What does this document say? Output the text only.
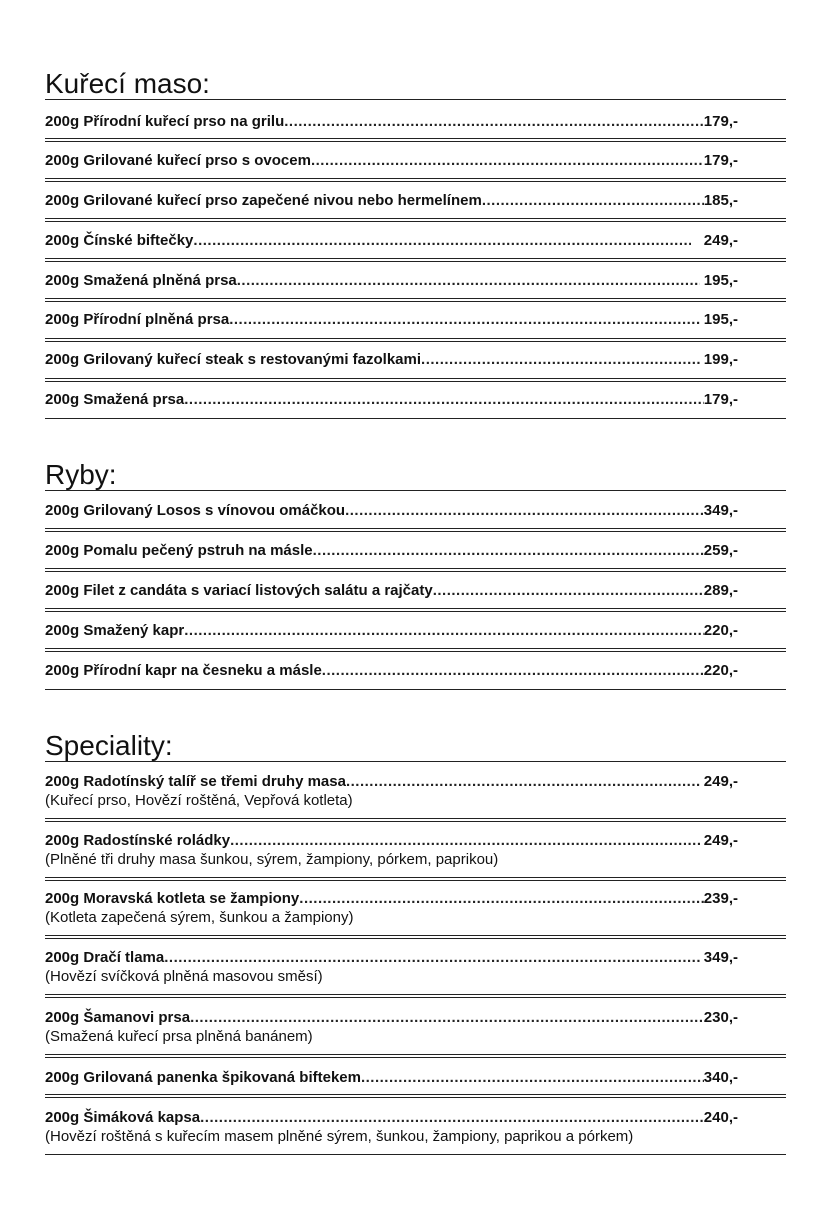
Kuřecí maso:
200g Přírodní kuřecí prso na grilu .....	179,-
200g Grilované kuřecí prso s ovocem .....	179,-
200g Grilované kuřecí prso zapečené nivou nebo hermelínem .....	185,-
200g Čínské biftečky .....	249,-
200g Smažená plněná prsa .....	195,-
200g Přírodní plněná prsa .....	195,-
200g Grilovaný kuřecí steak s restovanými fazolkami .....	199,-
200g Smažená prsa .....	179,-
Ryby:
200g Grilovaný Losos s vínovou omáčkou .....	349,-
200g Pomalu pečený pstruh na másle .....	259,-
200g Filet z candáta s variací listových salátu a rajčaty .....	289,-
200g Smažený kapr .....	220,-
200g Přírodní kapr na česneku a másle .....	220,-
Speciality:
200g Radotínský talíř se třemi druhy masa .....	249,-
(Kuřecí prso, Hovězí roštěná, Vepřová kotleta)
200g Radostínské roládky .....	249,-
(Plněné tři druhy masa šunkou, sýrem, žampiony, pórkem, paprikou)
200g Moravská kotleta se žampiony .....	239,-
(Kotleta zapečená sýrem, šunkou a žampiony)
200g Dračí tlama .....	349,-
(Hovězí svíčková plněná masovou směsí)
200g Šamanovi prsa .....	230,-
(Smažená kuřecí prsa plněná banánem)
200g Grilovaná panenka špikovaná biftekem .....	340,-
200g Šimáková kapsa .....	240,-
(Hovězí roštěná s kuřecím masem plněné sýrem, šunkou, žampiony, paprikou a pórkem)
